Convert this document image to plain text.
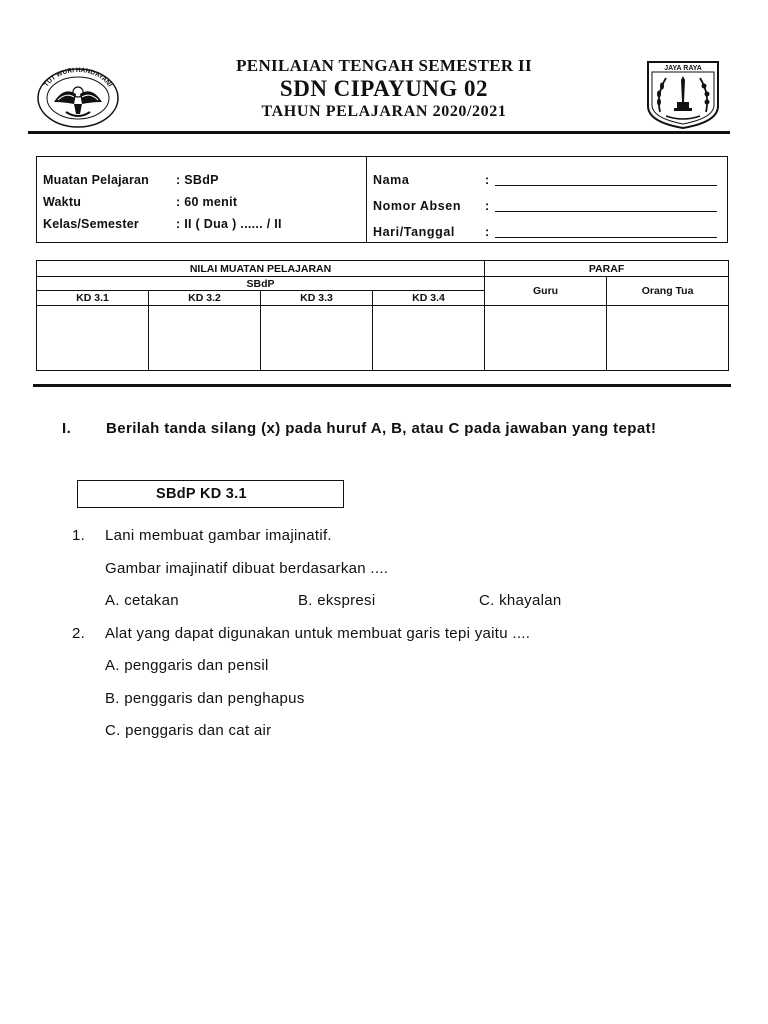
TUT WURI HANDAYANI
PENILAIAN TENGAH SEMESTER II
SDN CIPAYUNG 02
TAHUN PELAJARAN 2020/2021
JAYA RAYA
Muatan Pelajaran	: SBdP
Waktu	: 60 menit
Kelas/Semester	: II ( Dua ) ...... / II
Nama	:
Nomor Absen	:
Hari/Tanggal	:
NILAI MUATAN PELAJARAN				PARAF	
SBdP				Guru	Orang Tua
KD 3.1	KD 3.2	KD 3.3	KD 3.4		

I.	Berilah tanda silang (x) pada huruf A, B, atau C pada jawaban yang tepat!
SBdP KD 3.1
1. Lani membuat gambar imajinatif.
Gambar imajinatif dibuat berdasarkan ....
A. cetakan	B. ekspresi	C. khayalan
2. Alat yang dapat digunakan untuk membuat garis tepi yaitu ....
A. penggaris dan pensil
B. penggaris dan penghapus
C. penggaris dan cat air
